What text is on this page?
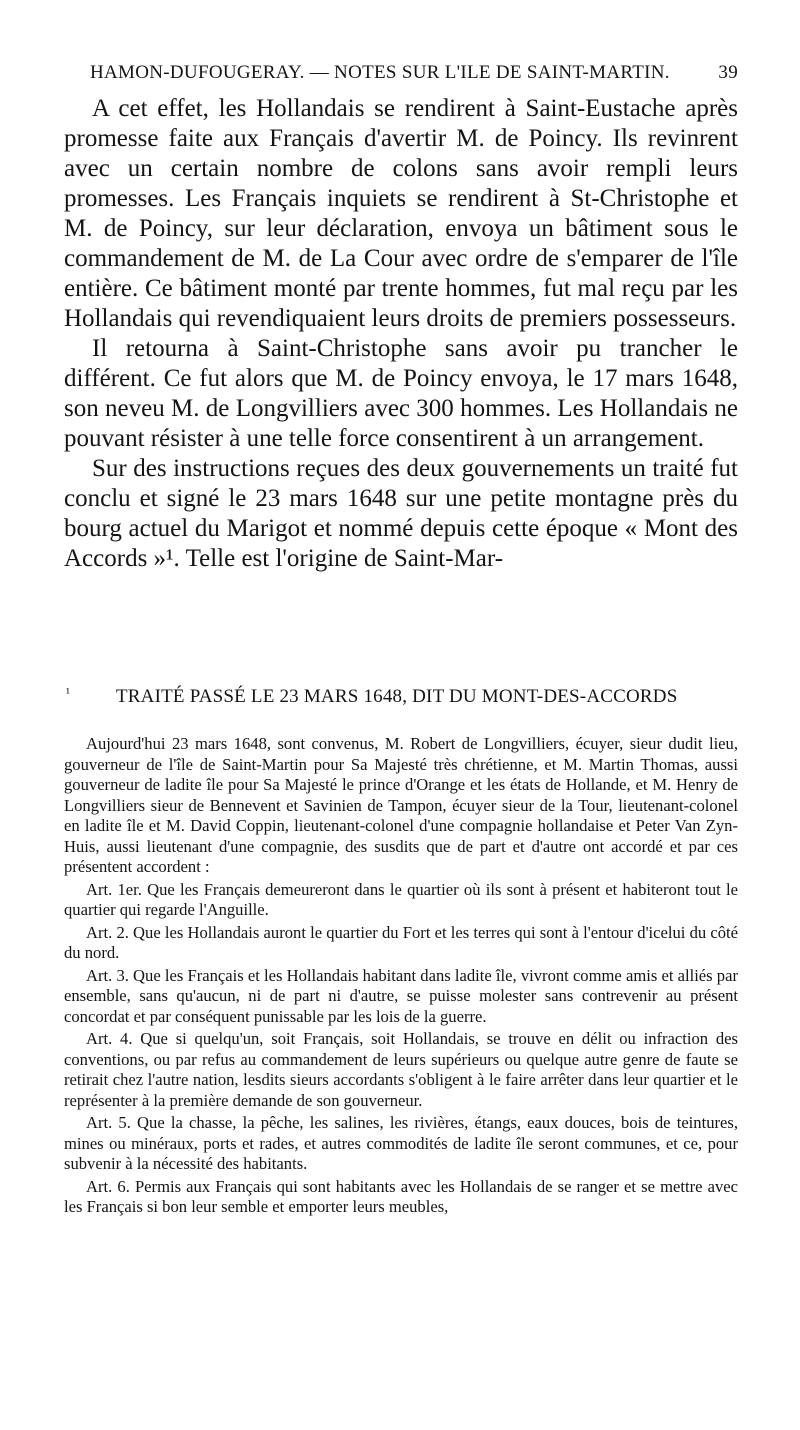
HAMON-DUFOUGERAY. — NOTES SUR L'ILE DE SAINT-MARTIN.	39

A cet effet, les Hollandais se rendirent à Saint-Eustache après promesse faite aux Français d'avertir M. de Poincy. Ils revinrent avec un certain nombre de colons sans avoir rempli leurs promesses. Les Français inquiets se rendirent à St-Christophe et M. de Poincy, sur leur déclaration, envoya un bâtiment sous le commandement de M. de La Cour avec ordre de s'emparer de l'île entière. Ce bâtiment monté par trente hommes, fut mal reçu par les Hollandais qui revendiquaient leurs droits de premiers possesseurs.

Il retourna à Saint-Christophe sans avoir pu trancher le différent. Ce fut alors que M. de Poincy envoya, le 17 mars 1648, son neveu M. de Longvilliers avec 300 hommes. Les Hollandais ne pouvant résister à une telle force consentirent à un arrangement.

Sur des instructions reçues des deux gouvernements un traité fut conclu et signé le 23 mars 1648 sur une petite montagne près du bourg actuel du Marigot et nommé depuis cette époque « Mont des Accords »¹. Telle est l'origine de Saint-Mar-

¹ TRAITÉ PASSÉ LE 23 MARS 1648, DIT DU MONT-DES-ACCORDS

Aujourd'hui 23 mars 1648, sont convenus, M. Robert de Longvilliers, écuyer, sieur dudit lieu, gouverneur de l'île de Saint-Martin pour Sa Majesté très chrétienne, et M. Martin Thomas, aussi gouverneur de ladite île pour Sa Majesté le prince d'Orange et les états de Hollande, et M. Henry de Longvilliers sieur de Bennevent et Savinien de Tampon, écuyer sieur de la Tour, lieutenant-colonel en ladite île et M. David Coppin, lieutenant-colonel d'une compagnie hollandaise et Peter Van Zyn-Huis, aussi lieutenant d'une compagnie, des susdits que de part et d'autre ont accordé et par ces présentent accordent :

Art. 1er. Que les Français demeureront dans le quartier où ils sont à présent et habiteront tout le quartier qui regarde l'Anguille.

Art. 2. Que les Hollandais auront le quartier du Fort et les terres qui sont à l'entour d'icelui du côté du nord.

Art. 3. Que les Français et les Hollandais habitant dans ladite île, vivront comme amis et alliés par ensemble, sans qu'aucun, ni de part ni d'autre, se puisse molester sans contrevenir au présent concordat et par conséquent punissable par les lois de la guerre.

Art. 4. Que si quelqu'un, soit Français, soit Hollandais, se trouve en délit ou infraction des conventions, ou par refus au commandement de leurs supérieurs ou quelque autre genre de faute se retirait chez l'autre nation, lesdits sieurs accordants s'obligent à le faire arrêter dans leur quartier et le représenter à la première demande de son gouverneur.

Art. 5. Que la chasse, la pêche, les salines, les rivières, étangs, eaux douces, bois de teintures, mines ou minéraux, ports et rades, et autres commodités de ladite île seront communes, et ce, pour subvenir à la nécessité des habitants.

Art. 6. Permis aux Français qui sont habitants avec les Hollandais de se ranger et se mettre avec les Français si bon leur semble et emporter leurs meubles,
